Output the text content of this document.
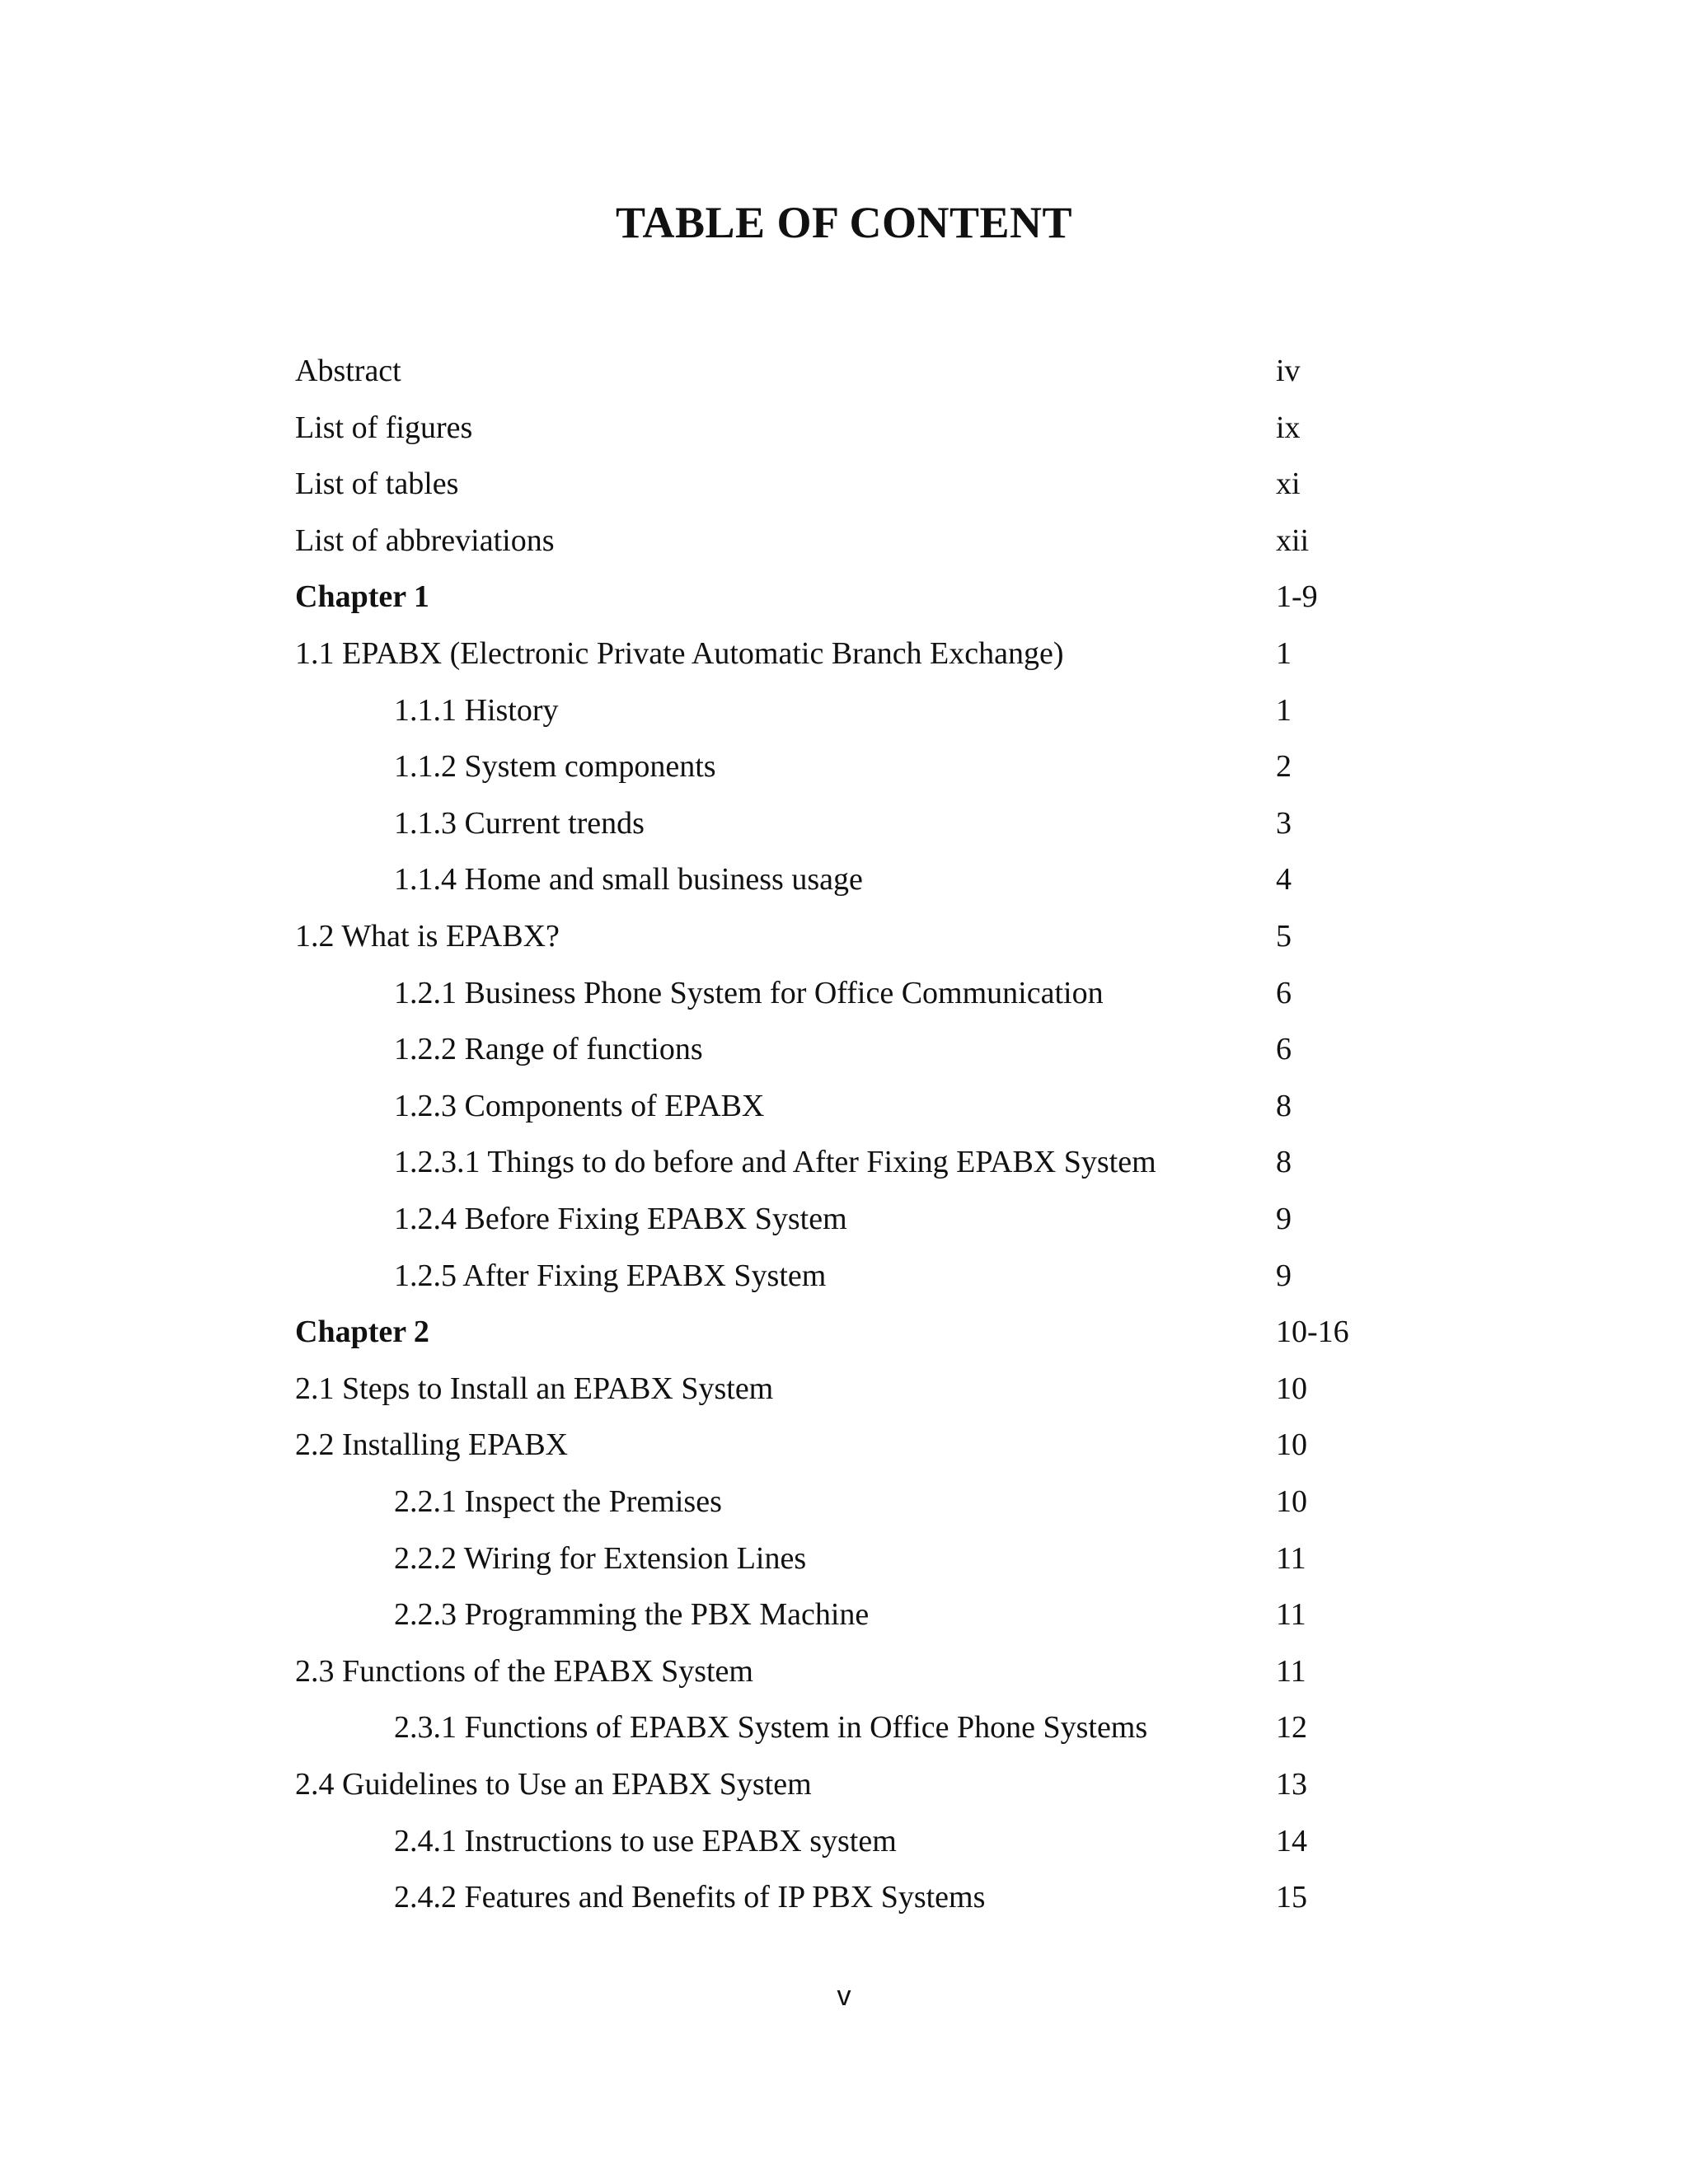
TABLE OF CONTENT
Abstract	iv
List of figures	ix
List of tables	xi
List of abbreviations	xii
Chapter 1	1-9
1.1 EPABX (Electronic Private Automatic Branch Exchange)	1
1.1.1 History	1
1.1.2 System components	2
1.1.3 Current trends	3
1.1.4 Home and small business usage	4
1.2 What is EPABX?	5
1.2.1 Business Phone System for Office Communication	6
1.2.2 Range of functions	6
1.2.3 Components of EPABX	8
1.2.3.1 Things to do before and After Fixing EPABX System	8
1.2.4 Before Fixing EPABX System	9
1.2.5 After Fixing EPABX System	9
Chapter 2	10-16
2.1 Steps to Install an EPABX System	10
2.2 Installing EPABX	10
2.2.1 Inspect the Premises	10
2.2.2 Wiring for Extension Lines	11
2.2.3 Programming the PBX Machine	11
2.3 Functions of the EPABX System	11
2.3.1 Functions of EPABX System in Office Phone Systems	12
2.4 Guidelines to Use an EPABX System	13
2.4.1 Instructions to use EPABX system	14
2.4.2 Features and Benefits of IP PBX Systems	15
v
